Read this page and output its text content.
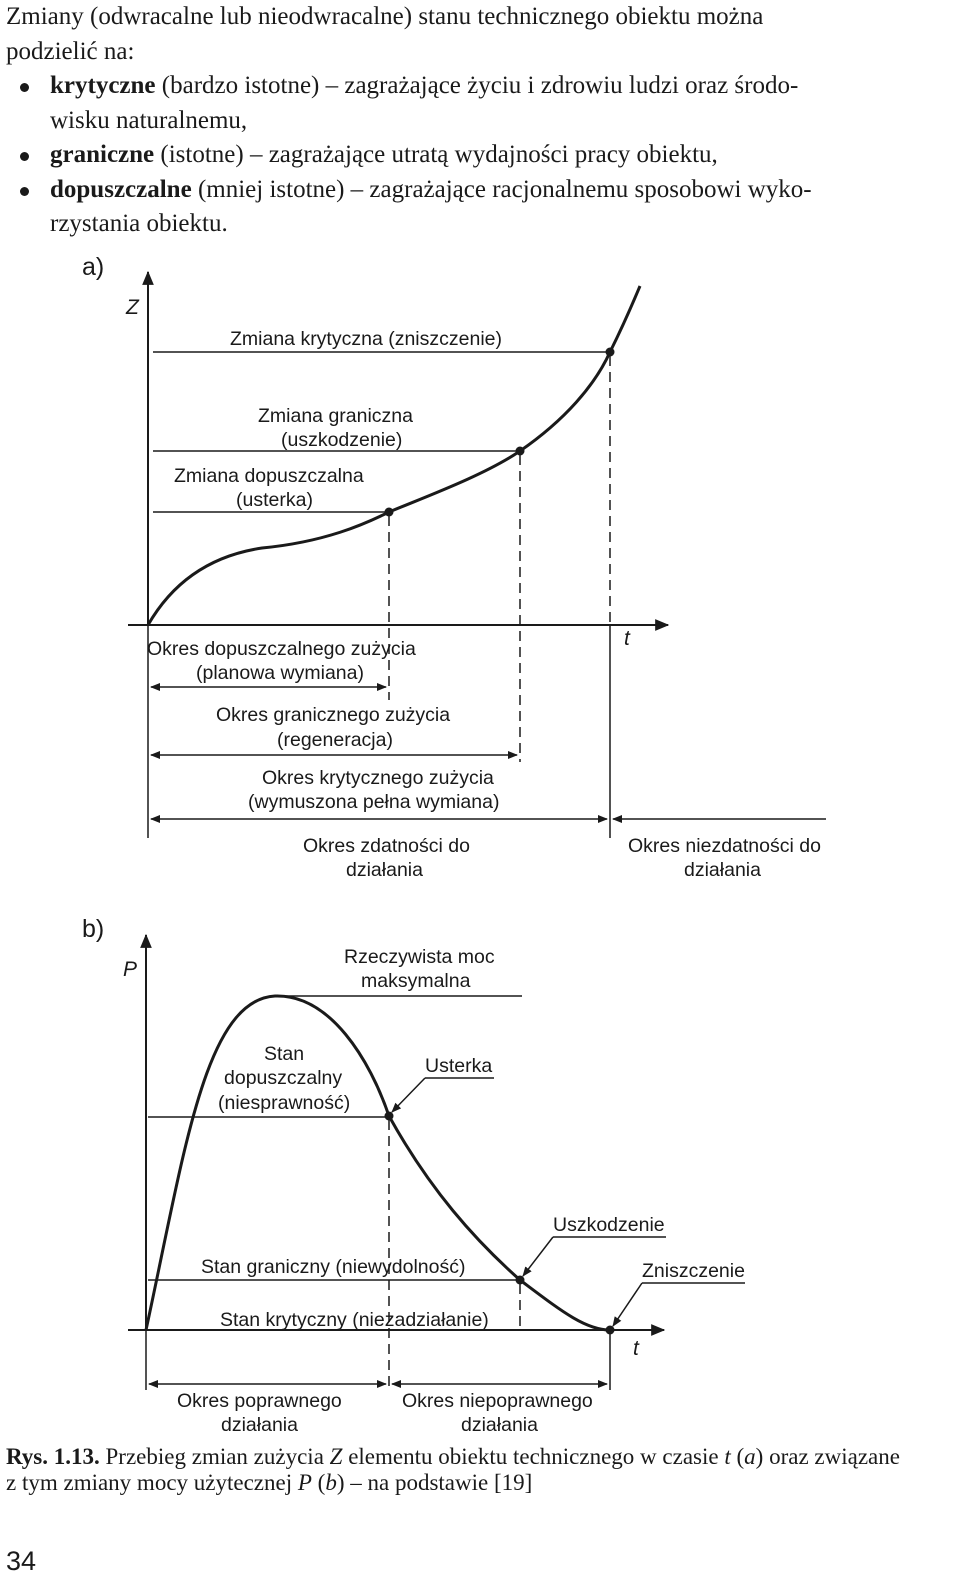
Zmiany (odwracalne lub nieodwracalne) stanu technicznego obiektu można
podzielić na:

krytyczne (bardzo istotne) – zagrażające życiu i zdrowiu ludzi oraz środo-
wisku naturalnemu,
graniczne (istotne) – zagrażające utratą wydajności pracy obiektu,
dopuszczalne (mniej istotne) – zagrażające racjonalnemu sposobowi wyko-
rzystania obiektu.
a)
b)
Z
t
Zmiana krytyczna (zniszczenie)
Zmiana graniczna
(uszkodzenie)
Zmiana dopuszczalna
(usterka)
Okres dopuszczalnego zużycia
(planowa wymiana)
Okres granicznego zużycia
(regeneracja)
Okres krytycznego zużycia
(wymuszona pełna wymiana)
Okres zdatności do
działania
Okres niezdatności do
działania
P
t
Rzeczywista moc
maksymalna
Stan
dopuszczalny
(niesprawność)
Usterka
Uszkodzenie
Zniszczenie
Stan graniczny (niewydolność)
Stan krytyczny (niezadziałanie)
Okres poprawnego
działania
Okres niepoprawnego
działania
Rys. 1.13. Przebieg zmian zużycia Z elementu obiektu technicznego w czasie t (a) oraz związane
z tym zmiany mocy użytecznej P (b) – na podstawie [19]
34
